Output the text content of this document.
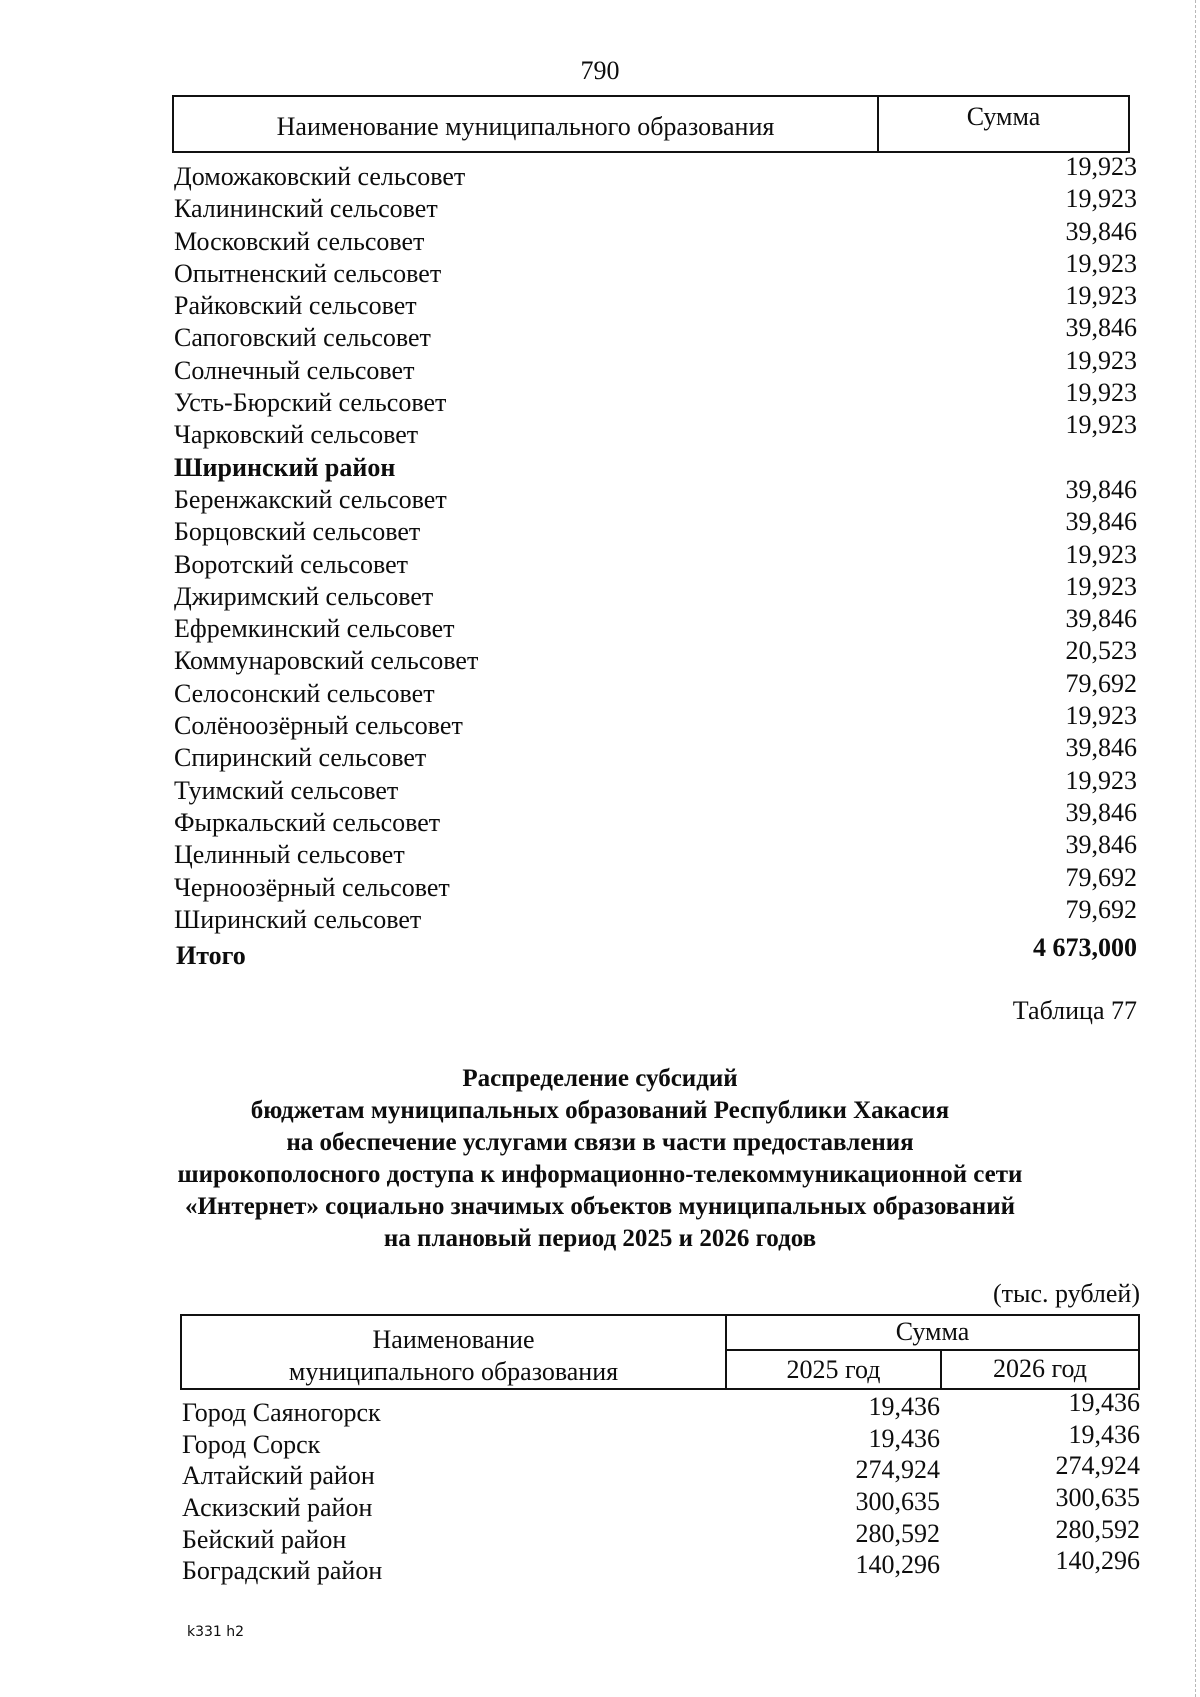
790
Наименование муниципального образования	Сумма
Доможаковский сельсовет	19,923
Калининский сельсовет	19,923
Московский сельсовет	39,846
Опытненский сельсовет	19,923
Райковский сельсовет	19,923
Сапоговский сельсовет	39,846
Солнечный сельсовет	19,923
Усть-Бюрский сельсовет	19,923
Чарковский сельсовет	19,923
Ширинский район
Беренжакский сельсовет	39,846
Борцовский сельсовет	39,846
Воротский сельсовет	19,923
Джиримский сельсовет	19,923
Ефремкинский сельсовет	39,846
Коммунаровский сельсовет	20,523
Селосонский сельсовет	79,692
Солёноозёрный сельсовет	19,923
Спиринский сельсовет	39,846
Туимский сельсовет	19,923
Фыркальский сельсовет	39,846
Целинный сельсовет	39,846
Черноозёрный сельсовет	79,692
Ширинский сельсовет	79,692
Итого	4 673,000
Таблица 77
Распределение субсидий
бюджетам муниципальных образований Республики Хакасия
на обеспечение услугами связи в части предоставления
широкополосного доступа к информационно-телекоммуникационной сети
«Интернет» социально значимых объектов муниципальных образований
на плановый период 2025 и 2026 годов
(тыс. рублей)
Наименование
муниципального образования
Сумма
2025 год	2026 год
Город Саяногорск	19,436	19,436
Город Сорск	19,436	19,436
Алтайский район	274,924	274,924
Аскизский район	300,635	300,635
Бейский район	280,592	280,592
Боградский район	140,296	140,296
k331 h2
